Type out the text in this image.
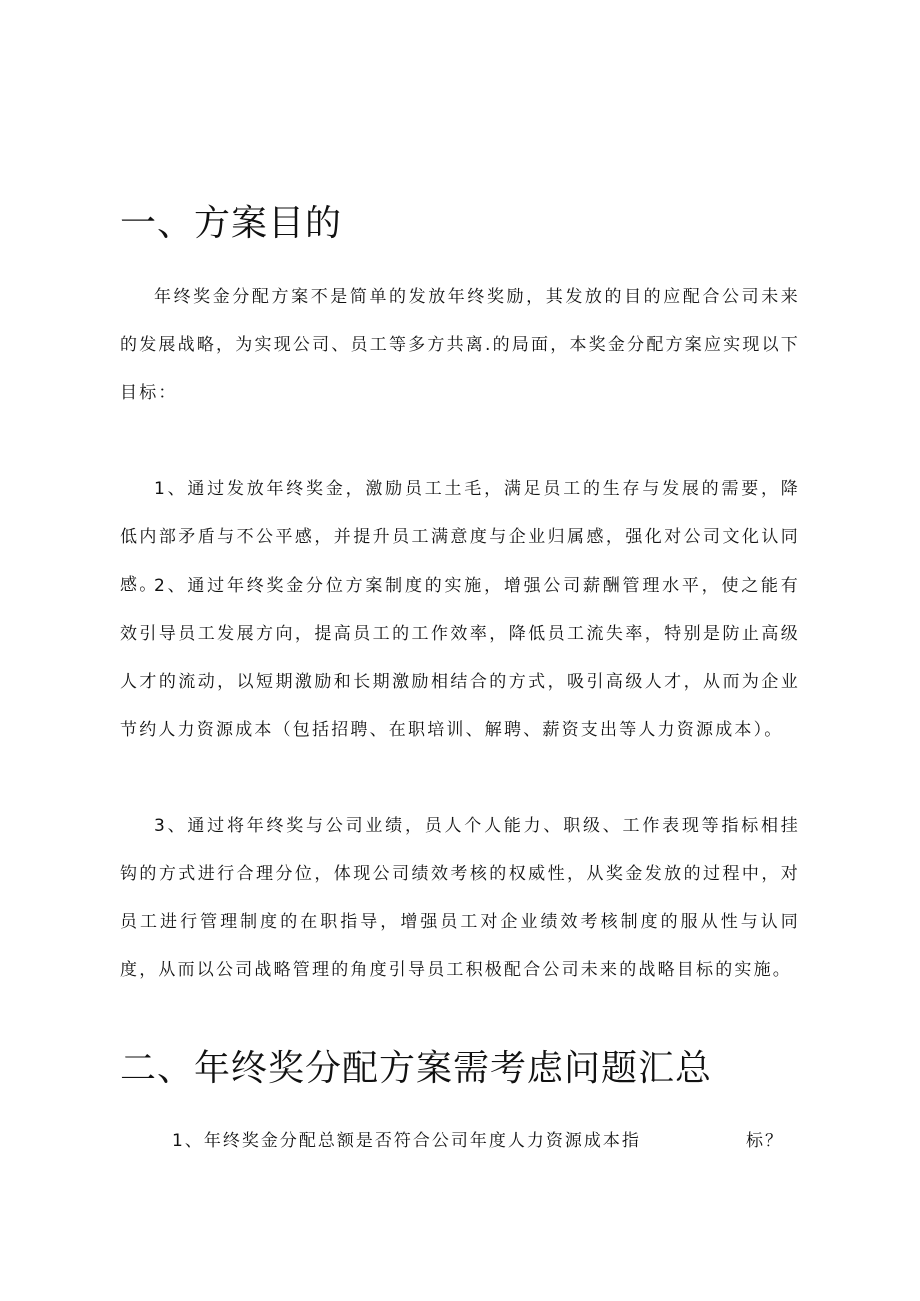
一、方案目的

年终奖金分配方案不是简单的发放年终奖励，其发放的目的应配合公司未来的发展战略，为实现公司、员工等多方共离.的局面，本奖金分配方案应实现以下目标：

1、通过发放年终奖金，激励员工土毛，满足员工的生存与发展的需要，降低内部矛盾与不公平感，并提升员工满意度与企业归属感，强化对公司文化认同感。

2、通过年终奖金分位方案制度的实施，增强公司薪酬管理水平，使之能有效引导员工发展方向，提高员工的工作效率，降低员工流失率，特别是防止高级人才的流动，以短期激励和长期激励相结合的方式，吸引高级人才，从而为企业节约人力资源成本（包括招聘、在职培训、解聘、薪资支出等人力资源成本）。

3、通过将年终奖与公司业绩，员人个人能力、职级、工作表现等指标相挂钩的方式进行合理分位，体现公司绩效考核的权威性，从奖金发放的过程中，对员工进行管理制度的在职指导，增强员工对企业绩效考核制度的服从性与认同度，从而以公司战略管理的角度引导员工积极配合公司未来的战略目标的实施。

二、年终奖分配方案需考虑问题汇总

1、年终奖金分配总额是否符合公司年度人力资源成本指	标？
